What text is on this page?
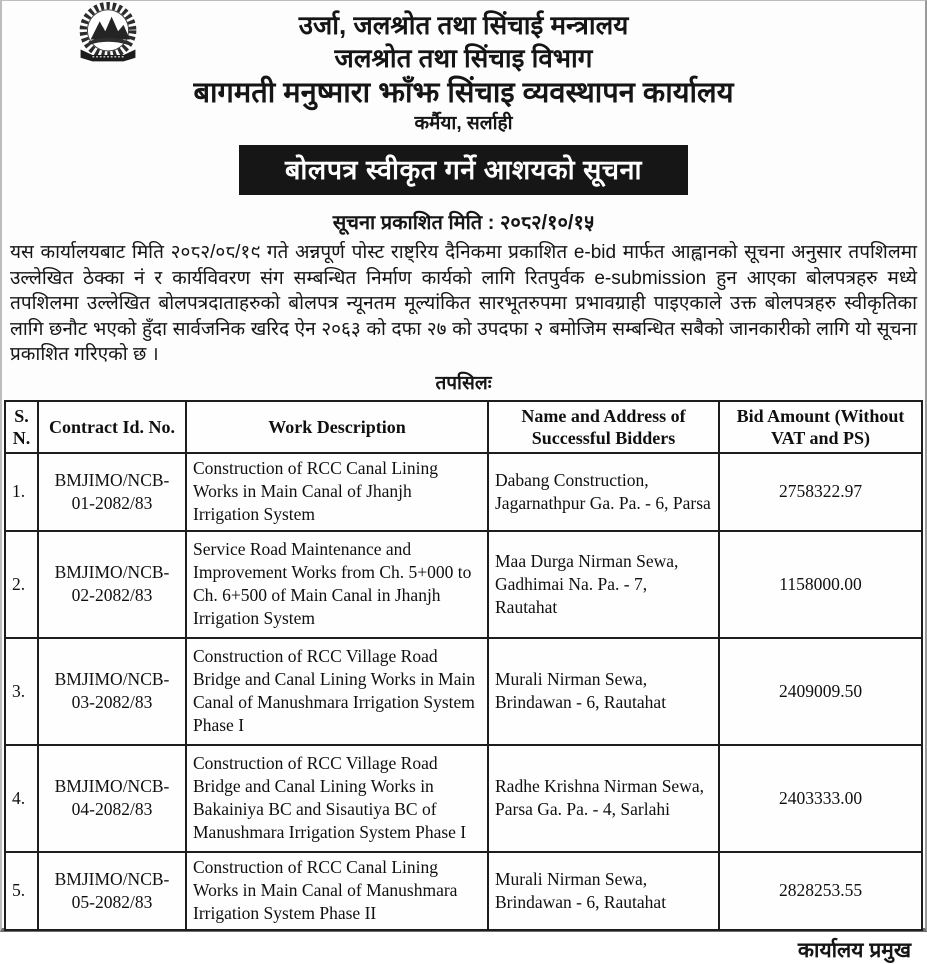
उर्जा, जलश्रोत तथा सिंचाई मन्त्रालय
जलश्रोत तथा सिंचाइ विभाग
बागमती मनुष्मारा झाँझ सिंचाइ व्यवस्थापन कार्यालय
कर्मैया, सर्लाही
बोलपत्र स्वीकृत गर्ने आशयको सूचना
सूचना प्रकाशित मिति : २०८२/१०/१५
यस कार्यालयबाट मिति २०८२/०८/१९ गते अन्नपूर्ण पोस्ट राष्ट्रिय दैनिकमा प्रकाशित e-bid मार्फत आह्वानको सूचना अनुसार तपशिलमा उल्लेखित ठेक्का नं र कार्यविवरण संग सम्बन्धित निर्माण कार्यको लागि रितपुर्वक e-submission हुन आएका बोलपत्रहरु मध्ये तपशिलमा उल्लेखित बोलपत्रदाताहरुको बोलपत्र न्यूनतम मूल्यांकित सारभूतरुपमा प्रभावग्राही पाइएकाले उक्त बोलपत्रहरु स्वीकृतिका लागि छनौट भएको हुँदा सार्वजनिक खरिद ऐन २०६३ को दफा २७ को उपदफा २ बमोजिम सम्बन्धित सबैको जानकारीको लागि यो सूचना प्रकाशित गरिएको छ ।
तपसिलः
S. N.	Contract Id. No.	Work Description	Name and Address of Successful Bidders	Bid Amount (Without VAT and PS)
1.	BMJIMO/NCB-01-2082/83	Construction of RCC Canal Lining Works in Main Canal of Jhanjh Irrigation System	Dabang Construction, Jagarnathpur Ga. Pa. - 6, Parsa	2758322.97
2.	BMJIMO/NCB-02-2082/83	Service Road Maintenance and Improvement Works from Ch. 5+000 to Ch. 6+500 of Main Canal in Jhanjh Irrigation System	Maa Durga Nirman Sewa, Gadhimai Na. Pa. - 7, Rautahat	1158000.00
3.	BMJIMO/NCB-03-2082/83	Construction of RCC Village Road Bridge and Canal Lining Works in Main Canal of Manushmara Irrigation System Phase I	Murali Nirman Sewa, Brindawan - 6, Rautahat	2409009.50
4.	BMJIMO/NCB-04-2082/83	Construction of RCC Village Road Bridge and Canal Lining Works in Bakainiya BC and Sisautiya BC of Manushmara Irrigation System Phase I	Radhe Krishna Nirman Sewa, Parsa Ga. Pa. - 4, Sarlahi	2403333.00
5.	BMJIMO/NCB-05-2082/83	Construction of RCC Canal Lining Works in Main Canal of Manushmara Irrigation System Phase II	Murali Nirman Sewa, Brindawan - 6, Rautahat	2828253.55
कार्यालय प्रमुख
